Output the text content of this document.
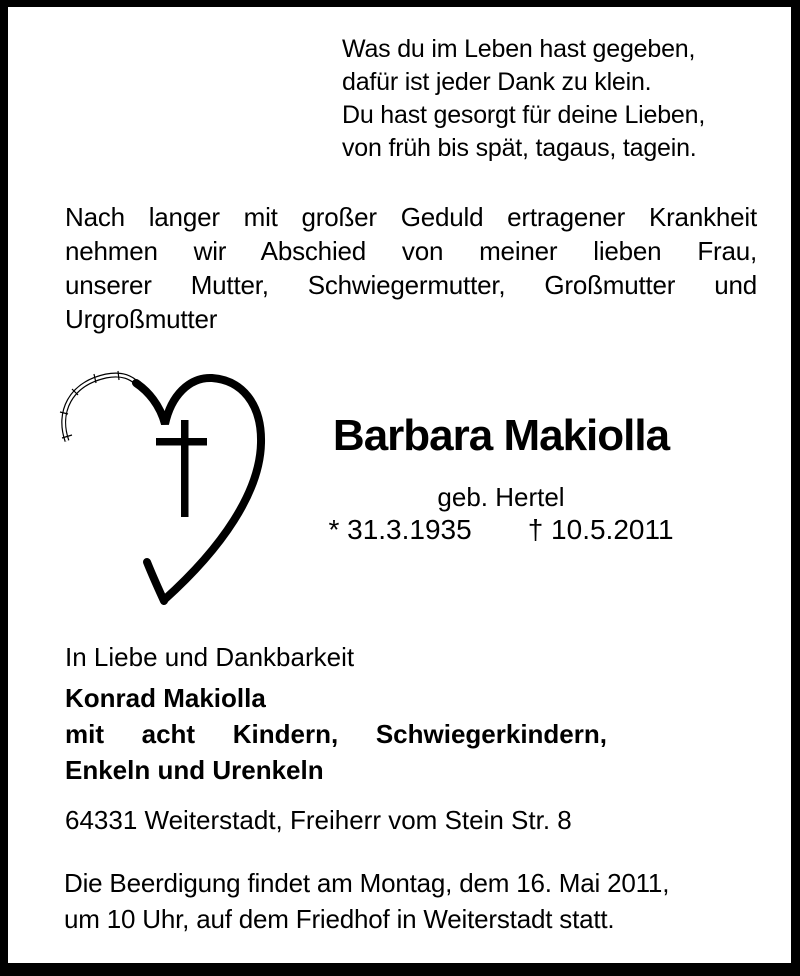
Was du im Leben hast gegeben,
dafür ist jeder Dank zu klein.
Du hast gesorgt für deine Lieben,
von früh bis spät, tagaus, tagein.
Nach langer mit großer Geduld ertragener Krankheit
nehmen wir Abschied von meiner lieben Frau,
unserer Mutter, Schwiegermutter, Großmutter und
Urgroßmutter
Barbara Makiolla
geb. Hertel
* 31.3.1935 † 10.5.2011
In Liebe und Dankbarkeit
Konrad Makiolla
mit acht Kindern, Schwiegerkindern,
Enkeln und Urenkeln
64331 Weiterstadt, Freiherr vom Stein Str. 8
Die Beerdigung findet am Montag, dem 16. Mai 2011,
um 10 Uhr, auf dem Friedhof in Weiterstadt statt.
